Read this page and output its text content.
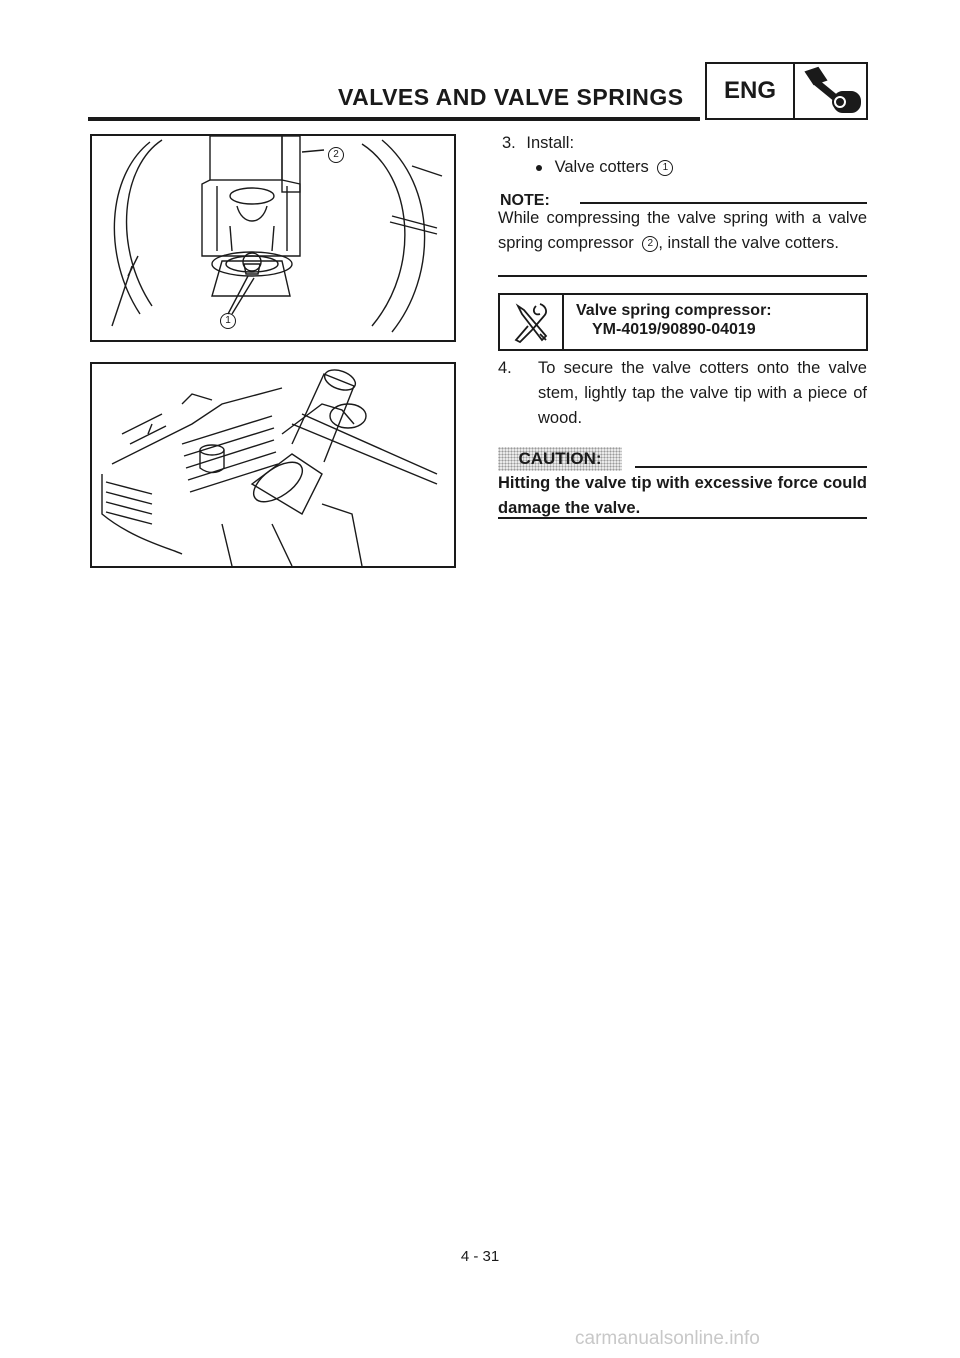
VALVES AND VALVE SPRINGS	ENG
2
1
3. Install:
Valve cotters 1
NOTE:
While compressing the valve spring with a valve spring compressor 2 , install the valve cotters.
Valve spring compressor:
YM-4019/90890-04019
4.	To secure the valve cotters onto the valve stem, lightly tap the valve tip with a piece of wood.
CAUTION:
Hitting the valve tip with excessive force could damage the valve.
4 - 31
carmanualsonline.info
